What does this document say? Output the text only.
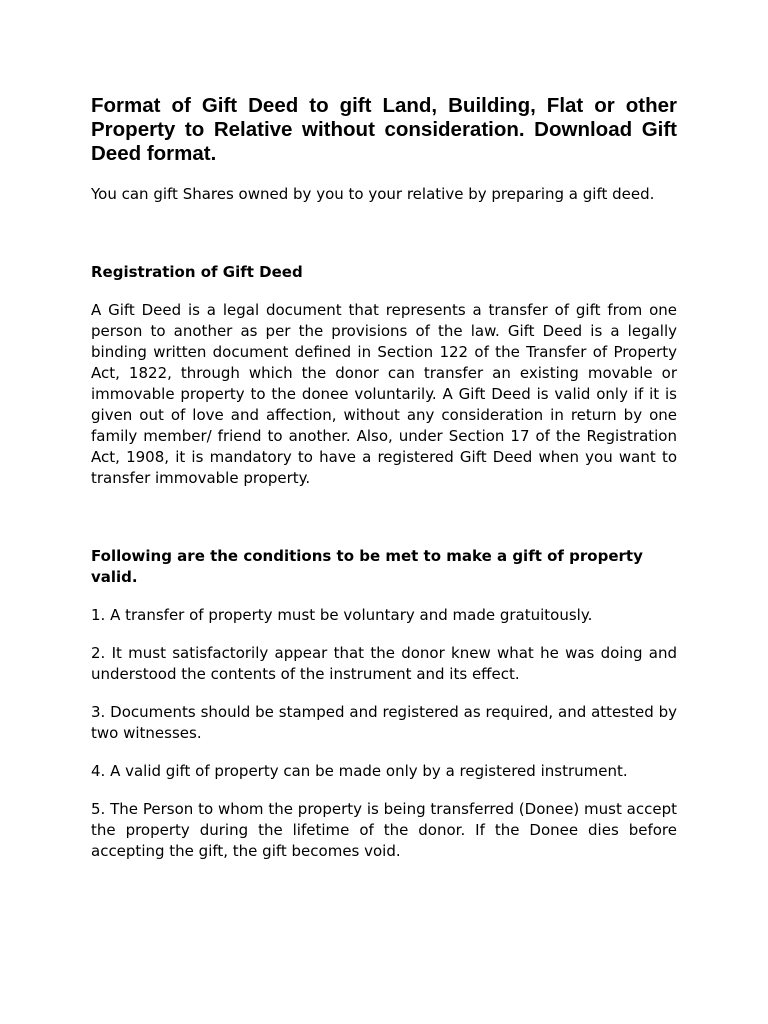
Format of Gift Deed to gift Land, Building, Flat or other Property to Relative without consideration. Download Gift Deed format.

You can gift Shares owned by you to your relative by preparing a gift deed.

Registration of Gift Deed

A Gift Deed is a legal document that represents a transfer of gift from one person to another as per the provisions of the law. Gift Deed is a legally binding written document defined in Section 122 of the Transfer of Property Act, 1822, through which the donor can transfer an existing movable or immovable property to the donee voluntarily. A Gift Deed is valid only if it is given out of love and affection, without any consideration in return by one family member/ friend to another. Also, under Section 17 of the Registration Act, 1908, it is mandatory to have a registered Gift Deed when you want to transfer immovable property.

Following are the conditions to be met to make a gift of property valid.

1. A transfer of property must be voluntary and made gratuitously.

2. It must satisfactorily appear that the donor knew what he was doing and understood the contents of the instrument and its effect.

3. Documents should be stamped and registered as required, and attested by two witnesses.

4. A valid gift of property can be made only by a registered instrument.

5. The Person to whom the property is being transferred (Donee) must accept the property during the lifetime of the donor. If the Donee dies before accepting the gift, the gift becomes void.
